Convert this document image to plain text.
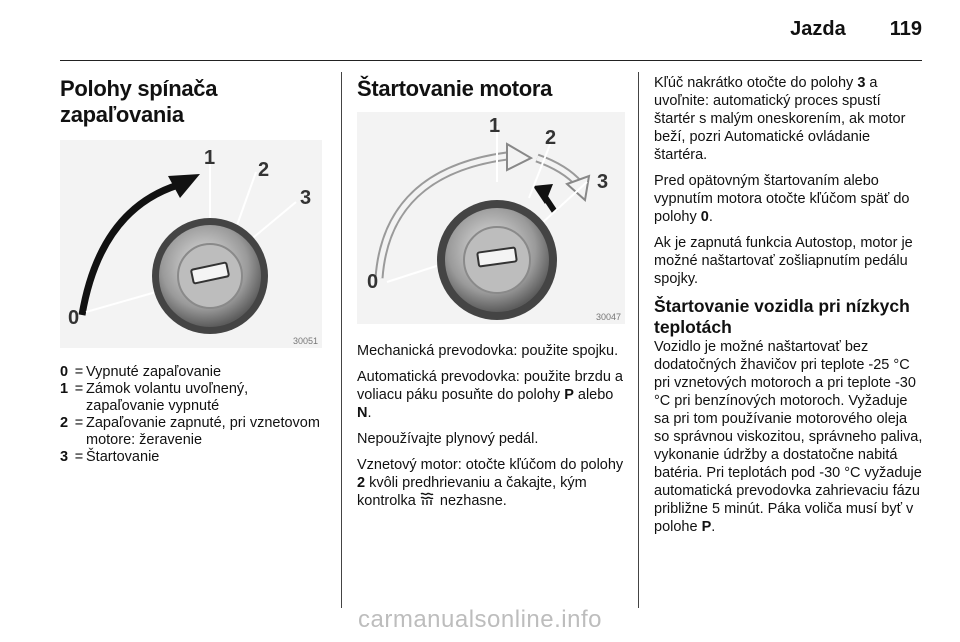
Jazda 119
Polohy spínača
zapaľovania
0
1
2
3
30051
0 = Vypnuté zapaľovanie
1 = Zámok volantu uvoľnený, zapaľovanie vypnuté
2 = Zapaľovanie zapnuté, pri vznetovom motore: žeravenie
3 = Štartovanie
Štartovanie motora
0
1
2
3
30047

Mechanická prevodovka: použite spojku.

Automatická prevodovka: použite brzdu a voliacu páku posuňte do polohy P alebo N.

Nepoužívajte plynový pedál.

Vznetový motor: otočte kľúčom do polohy 2 kvôli predhrievaniu a čakajte, kým kontrolka  nezhasne.

Kľúč nakrátko otočte do polohy 3 a uvoľnite: automatický proces spustí štartér s malým oneskorením, ak motor beží, pozri Automatické ovládanie štartéra.

Pred opätovným štartovaním alebo vypnutím motora otočte kľúčom späť do polohy 0.

Ak je zapnutá funkcia Autostop, motor je možné naštartovať zošliapnutím pedálu spojky.

Štartovanie vozidla pri nízkych teplotách

Vozidlo je možné naštartovať bez dodatočných žhavičov pri teplote -25 °C pri vznetových motoroch a pri teplote -30 °C pri benzínových motoroch. Vyžaduje sa pri tom používanie motorového oleja so správnou viskozitou, správneho paliva, vykonanie údržby a dostatočne nabitá batéria. Pri teplotách pod -30 °C vyžaduje automatická prevodovka zahrievaciu fázu približne 5 minút. Páka voliča musí byť v polohe P.

carmanualsonline.info
